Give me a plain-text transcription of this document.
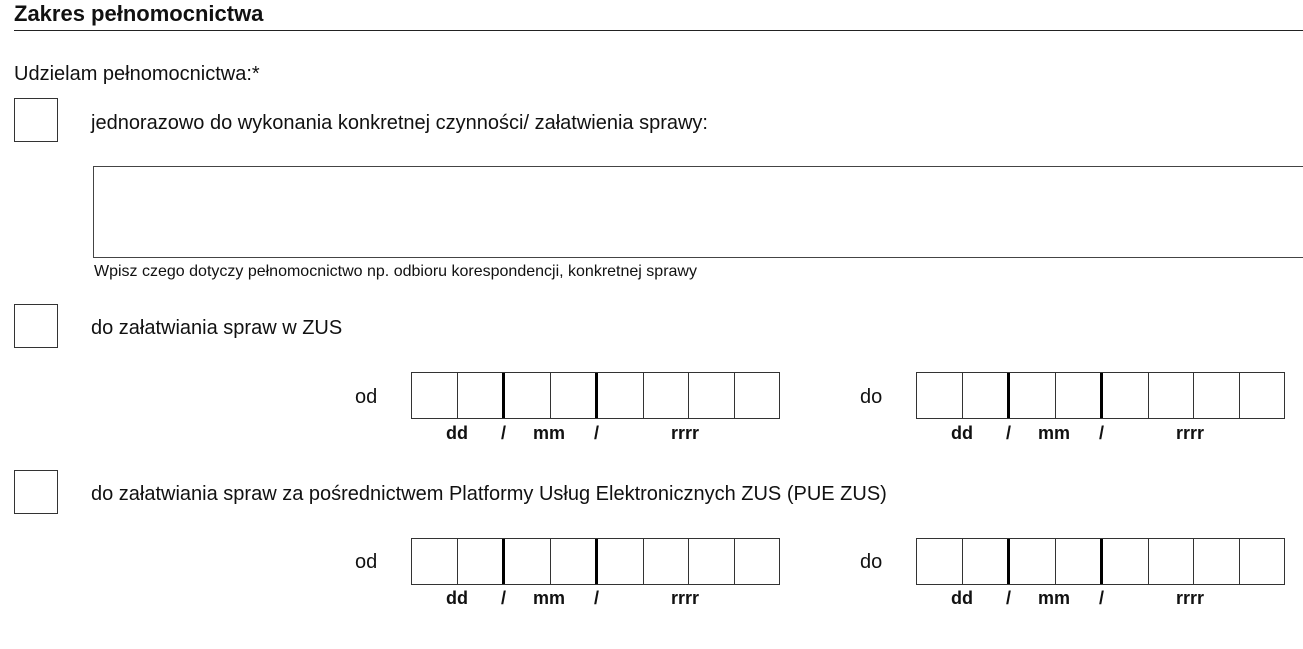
Zakres pełnomocnictwa
Udzielam pełnomocnictwa:*
jednorazowo do wykonania konkretnej czynności/ załatwienia sprawy:
Wpisz czego dotyczy pełnomocnictwo np. odbioru korespondencji, konkretnej sprawy
do załatwiania spraw w ZUS
od
dd / mm /	rrrr
do
dd / mm /	rrrr
do załatwiania spraw za pośrednictwem Platformy Usług Elektronicznych ZUS (PUE ZUS)
od
dd / mm /	rrrr
do
dd / mm /	rrrr
